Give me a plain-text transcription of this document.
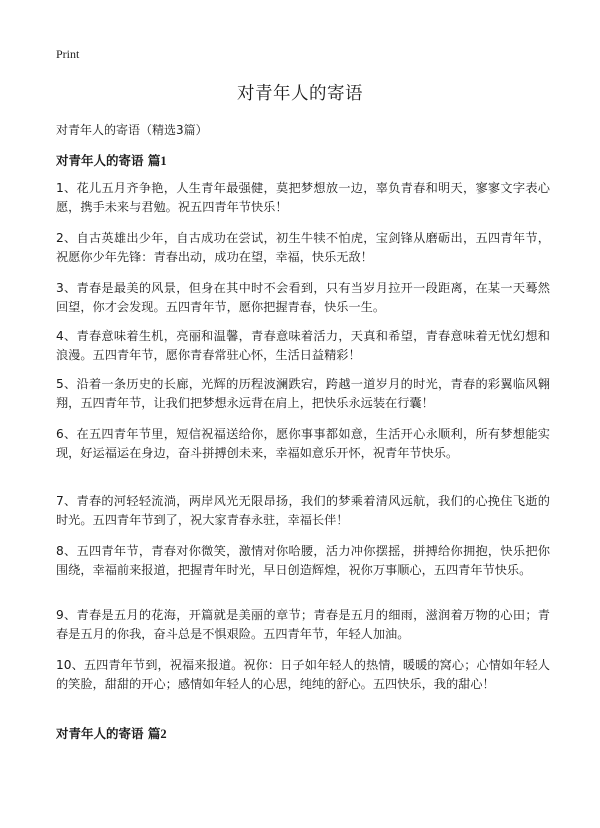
Print
对青年人的寄语
对青年人的寄语（精选3篇）
对青年人的寄语 篇1

1、花儿五月齐争艳，人生青年最强健，莫把梦想放一边，辜负青春和明天，寥寥文字表心愿，携手未来与君勉。祝五四青年节快乐！

2、自古英雄出少年，自古成功在尝试，初生牛犊不怕虎，宝剑锋从磨砺出，五四青年节，祝愿你少年先锋：青春出动，成功在望，幸福，快乐无敌！

3、青春是最美的风景，但身在其中时不会看到，只有当岁月拉开一段距离，在某一天蓦然回望，你才会发现。五四青年节，愿你把握青春，快乐一生。

4、青春意味着生机，亮丽和温馨，青春意味着活力，天真和希望，青春意味着无忧幻想和浪漫。五四青年节，愿你青春常驻心怀，生活日益精彩！

5、沿着一条历史的长廊，光辉的历程波澜跌宕，跨越一道岁月的时光，青春的彩翼临风翱翔，五四青年节，让我们把梦想永远背在肩上，把快乐永远装在行囊！

6、在五四青年节里，短信祝福送给你，愿你事事都如意，生活开心永顺利，所有梦想能实现，好运福运在身边，奋斗拼搏创未来，幸福如意乐开怀，祝青年节快乐。

7、青春的河轻轻流淌，两岸风光无限昂扬，我们的梦乘着清风远航，我们的心挽住飞逝的时光。五四青年节到了，祝大家青春永驻，幸福长伴！

8、五四青年节，青春对你微笑，激情对你哈腰，活力冲你摆摇，拼搏给你拥抱，快乐把你围绕，幸福前来报道，把握青年时光，早日创造辉煌，祝你万事顺心，五四青年节快乐。

9、青春是五月的花海，开篇就是美丽的章节；青春是五月的细雨，滋润着万物的心田；青春是五月的你我，奋斗总是不惧艰险。五四青年节，年轻人加油。

10、五四青年节到，祝福来报道。祝你：日子如年轻人的热情，暖暖的窝心；心情如年轻人的笑脸，甜甜的开心；感情如年轻人的心思，纯纯的舒心。五四快乐，我的甜心！

对青年人的寄语 篇2
